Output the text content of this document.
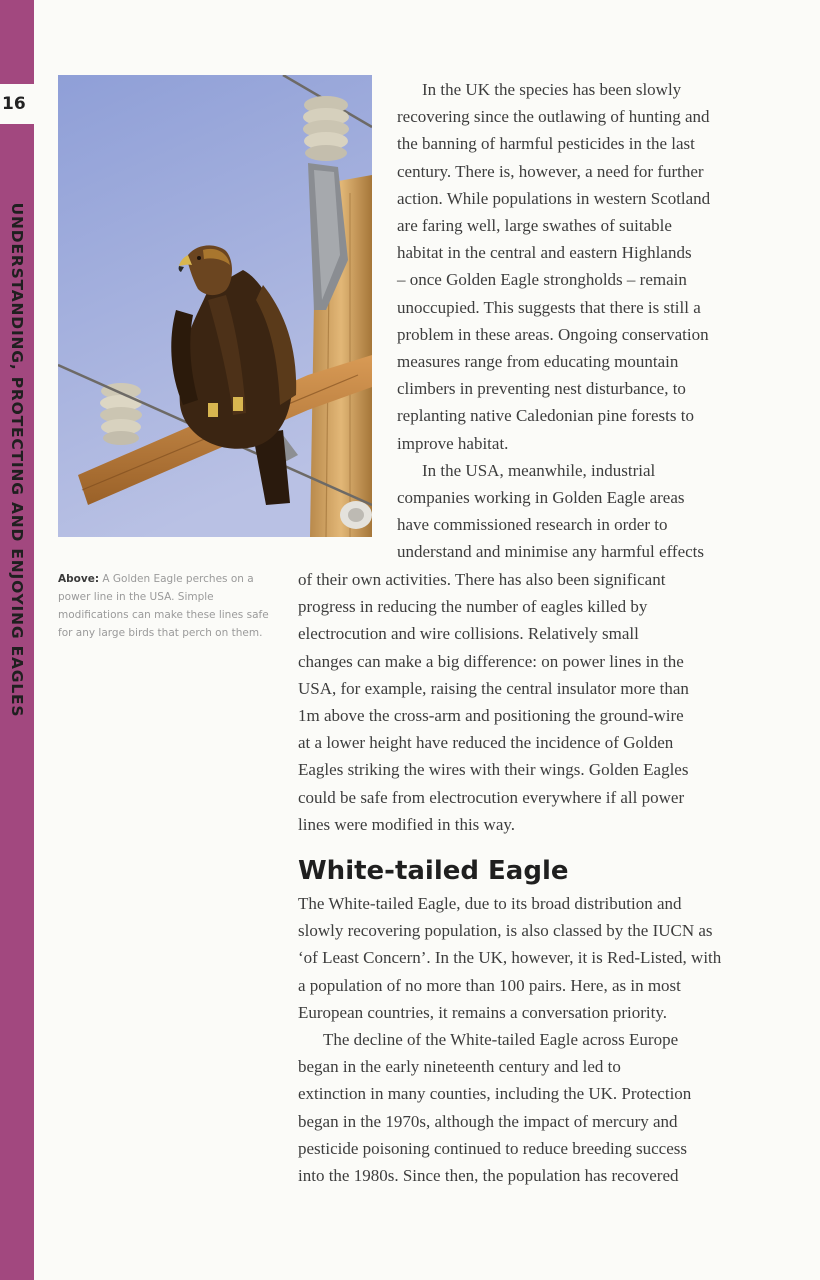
16
UNDERSTANDING, PROTECTING AND ENJOYING EAGLES	Above: A Golden Eagle perches on a power line in the USA. Simple modifications can make these lines safe for any large birds that perch on them.

In the UK the species has been slowly
recovering since the outlawing of hunting and
the banning of harmful pesticides in the last
century. There is, however, a need for further
action. While populations in western Scotland
are faring well, large swathes of suitable
habitat in the central and eastern Highlands
– once Golden Eagle strongholds – remain
unoccupied. This suggests that there is still a
problem in these areas. Ongoing conservation
measures range from educating mountain
climbers in preventing nest disturbance, to
replanting native Caledonian pine forests to
improve habitat.

In the USA, meanwhile, industrial
companies working in Golden Eagle areas
have commissioned research in order to
understand and minimise any harmful effects

of their own activities. There has also been significant
progress in reducing the number of eagles killed by
electrocution and wire collisions. Relatively small
changes can make a big difference: on power lines in the
USA, for example, raising the central insulator more than
1m above the cross-arm and positioning the ground-wire
at a lower height have reduced the incidence of Golden
Eagles striking the wires with their wings. Golden Eagles
could be safe from electrocution everywhere if all power
lines were modified in this way.

White-tailed Eagle

The White-tailed Eagle, due to its broad distribution and
slowly recovering population, is also classed by the IUCN as
‘of Least Concern’. In the UK, however, it is Red-Listed, with
a population of no more than 100 pairs. Here, as in most
European countries, it remains a conversation priority.

The decline of the White-tailed Eagle across Europe
began in the early nineteenth century and led to
extinction in many counties, including the UK. Protection
began in the 1970s, although the impact of mercury and
pesticide poisoning continued to reduce breeding success
into the 1980s. Since then, the population has recovered
